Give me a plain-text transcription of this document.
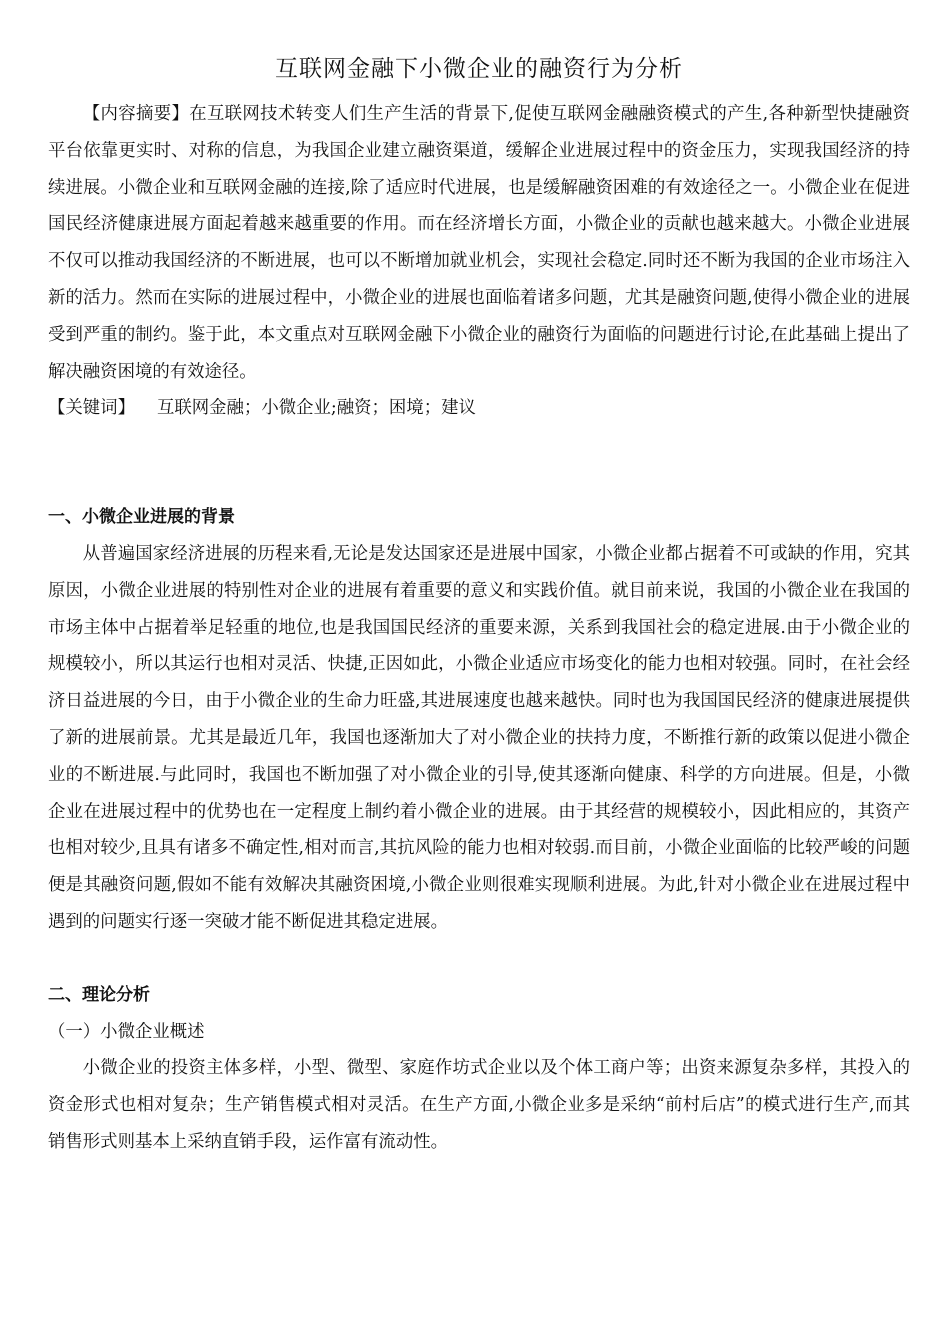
互联网金融下小微企业的融资行为分析

【内容摘要】在互联网技术转变人们生产生活的背景下,促使互联网金融融资模式的产生,各种新型快捷融资平台依靠更实时、对称的信息，为我国企业建立融资渠道，缓解企业进展过程中的资金压力，实现我国经济的持续进展。小微企业和互联网金融的连接,除了适应时代进展，也是缓解融资困难的有效途径之一。小微企业在促进国民经济健康进展方面起着越来越重要的作用。而在经济增长方面，小微企业的贡献也越来越大。小微企业进展不仅可以推动我国经济的不断进展，也可以不断增加就业机会，实现社会稳定.同时还不断为我国的企业市场注入新的活力。然而在实际的进展过程中，小微企业的进展也面临着诸多问题，尤其是融资问题,使得小微企业的进展受到严重的制约。鉴于此，本文重点对互联网金融下小微企业的融资行为面临的问题进行讨论,在此基础上提出了解决融资困境的有效途径。

【关键词】 互联网金融；小微企业;融资；困境；建议

一、小微企业进展的背景

从普遍国家经济进展的历程来看,无论是发达国家还是进展中国家，小微企业都占据着不可或缺的作用，究其原因，小微企业进展的特别性对企业的进展有着重要的意义和实践价值。就目前来说，我国的小微企业在我国的市场主体中占据着举足轻重的地位,也是我国国民经济的重要来源，关系到我国社会的稳定进展.由于小微企业的规模较小，所以其运行也相对灵活、快捷,正因如此，小微企业适应市场变化的能力也相对较强。同时，在社会经济日益进展的今日，由于小微企业的生命力旺盛,其进展速度也越来越快。同时也为我国国民经济的健康进展提供了新的进展前景。尤其是最近几年，我国也逐渐加大了对小微企业的扶持力度，不断推行新的政策以促进小微企业的不断进展.与此同时，我国也不断加强了对小微企业的引导,使其逐渐向健康、科学的方向进展。但是，小微企业在进展过程中的优势也在一定程度上制约着小微企业的进展。由于其经营的规模较小，因此相应的，其资产也相对较少,且具有诸多不确定性,相对而言,其抗风险的能力也相对较弱.而目前，小微企业面临的比较严峻的问题便是其融资问题,假如不能有效解决其融资困境,小微企业则很难实现顺利进展。为此,针对小微企业在进展过程中遇到的问题实行逐一突破才能不断促进其稳定进展。

二、理论分析

（一）小微企业概述

小微企业的投资主体多样，小型、微型、家庭作坊式企业以及个体工商户等；出资来源复杂多样，其投入的资金形式也相对复杂；生产销售模式相对灵活。在生产方面,小微企业多是采纳“前村后店”的模式进行生产,而其销售形式则基本上采纳直销手段，运作富有流动性。
